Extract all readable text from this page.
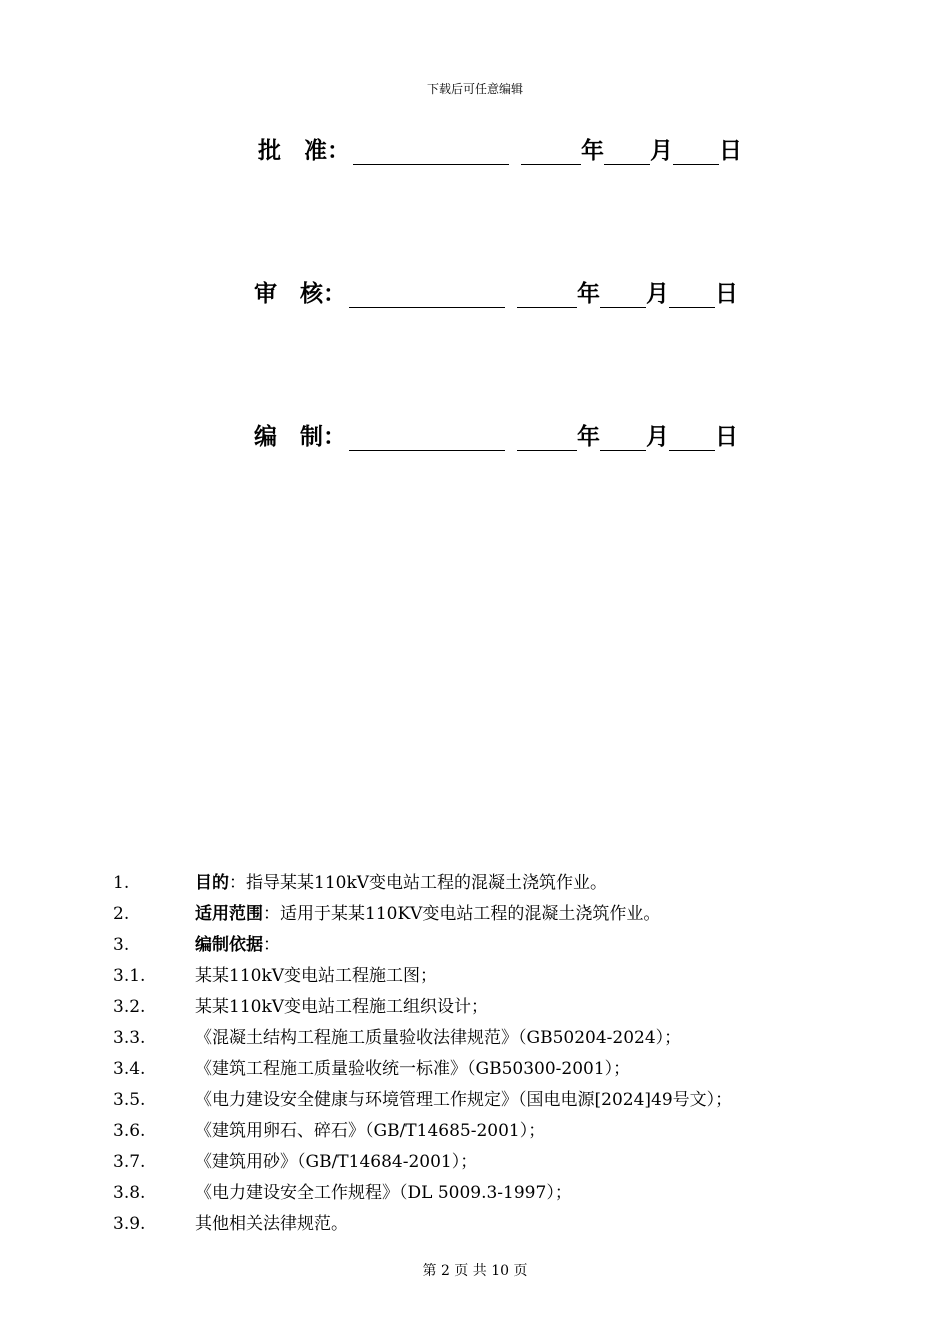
下载后可任意编辑
批　准：	年 月 日
审　核：	年 月 日
编　制：	年 月 日
1.	目的 ：指导某某110kV变电站工程的混凝土浇筑作业。
2.	适用范围 ：适用于某某110KV变电站工程的混凝土浇筑作业。
3.	编制依据 ：
3.1.	某某110kV变电站工程施工图；
3.2.	某某110kV变电站工程施工组织设计；
3.3.	《混凝土结构工程施工质量验收法律规范》（GB50204-2024）；
3.4.	《建筑工程施工质量验收统一标准》（GB50300-2001）；
3.5.	《电力建设安全健康与环境管理工作规定》（国电电源[2024]49号文）；
3.6.	《建筑用卵石、碎石》（GB/T14685-2001）；
3.7.	《建筑用砂》（GB/T14684-2001）；
3.8.	《电力建设安全工作规程》（DL 5009.3-1997）；
3.9.	其他相关法律规范。
第 2 页 共 10 页
